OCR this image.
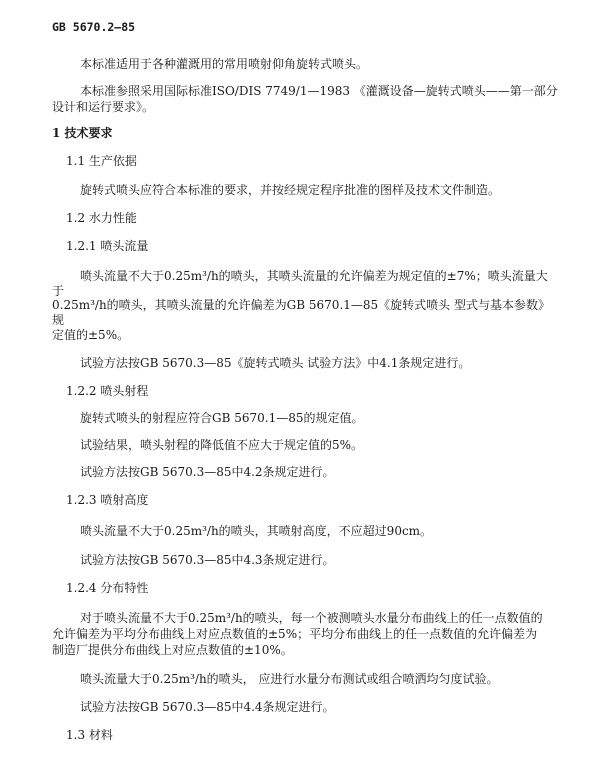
GB 5670.2—85
本标准适用于各种灌溉用的常用喷射仰角旋转式喷头。
本标准参照采用国际标准ISO/DIS 7749/1—1983 《灌溉设备—旋转式喷头——第一部分
设计和运行要求》。
1 技术要求
1.1 生产依据
旋转式喷头应符合本标准的要求，并按经规定程序批准的图样及技术文件制造。
1.2 水力性能
1.2.1 喷头流量
喷头流量不大于0.25m³/h的喷头，其喷头流量的允许偏差为规定值的±7%；喷头流量大
于
0.25m³/h的喷头，其喷头流量的允许偏差为GB 5670.1—85《旋转式喷头 型式与基本参数》
规
定值的±5%。
试验方法按GB 5670.3—85《旋转式喷头 试验方法》中4.1条规定进行。
1.2.2 喷头射程
旋转式喷头的射程应符合GB 5670.1—85的规定值。
试验结果，喷头射程的降低值不应大于规定值的5%。
试验方法按GB 5670.3—85中4.2条规定进行。
1.2.3 喷射高度
喷头流量不大于0.25m³/h的喷头，其喷射高度，不应超过90cm。
试验方法按GB 5670.3—85中4.3条规定进行。
1.2.4 分布特性
对于喷头流量不大于0.25m³/h的喷头，每一个被测喷头水量分布曲线上的任一点数值的
允许偏差为平均分布曲线上对应点数值的±5%；平均分布曲线上的任一点数值的允许偏差为
制造厂提供分布曲线上对应点数值的±10%。
喷头流量大于0.25m³/h的喷头， 应进行水量分布测试或组合喷洒均匀度试验。
试验方法按GB 5670.3—85中4.4条规定进行。
1.3 材料
